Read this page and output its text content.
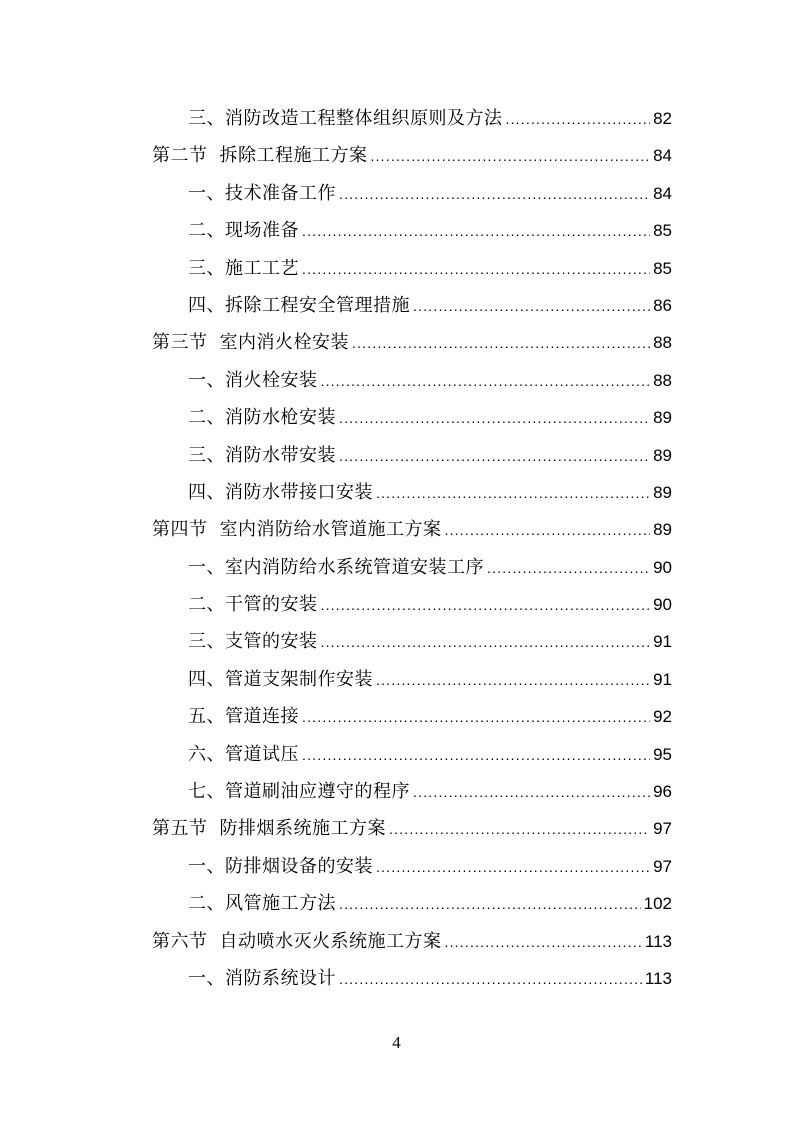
三、消防改造工程整体组织原则及方法 .....	82
第二节 拆除工程施工方案 .....	84
一、技术准备工作 .....	84
二、现场准备 .....	85
三、施工工艺 .....	85
四、拆除工程安全管理措施 .....	86
第三节 室内消火栓安装 .....	88
一、消火栓安装 .....	88
二、消防水枪安装 .....	89
三、消防水带安装 .....	89
四、消防水带接口安装 .....	89
第四节 室内消防给水管道施工方案 .....	89
一、室内消防给水系统管道安装工序 .....	90
二、干管的安装 .....	90
三、支管的安装 .....	91
四、管道支架制作安装 .....	91
五、管道连接 .....	92
六、管道试压 .....	95
七、管道刷油应遵守的程序 .....	96
第五节 防排烟系统施工方案 .....	97
一、防排烟设备的安装 .....	97
二、风管施工方法 .....	102
第六节 自动喷水灭火系统施工方案 .....	113
一、消防系统设计 .....	113
4
